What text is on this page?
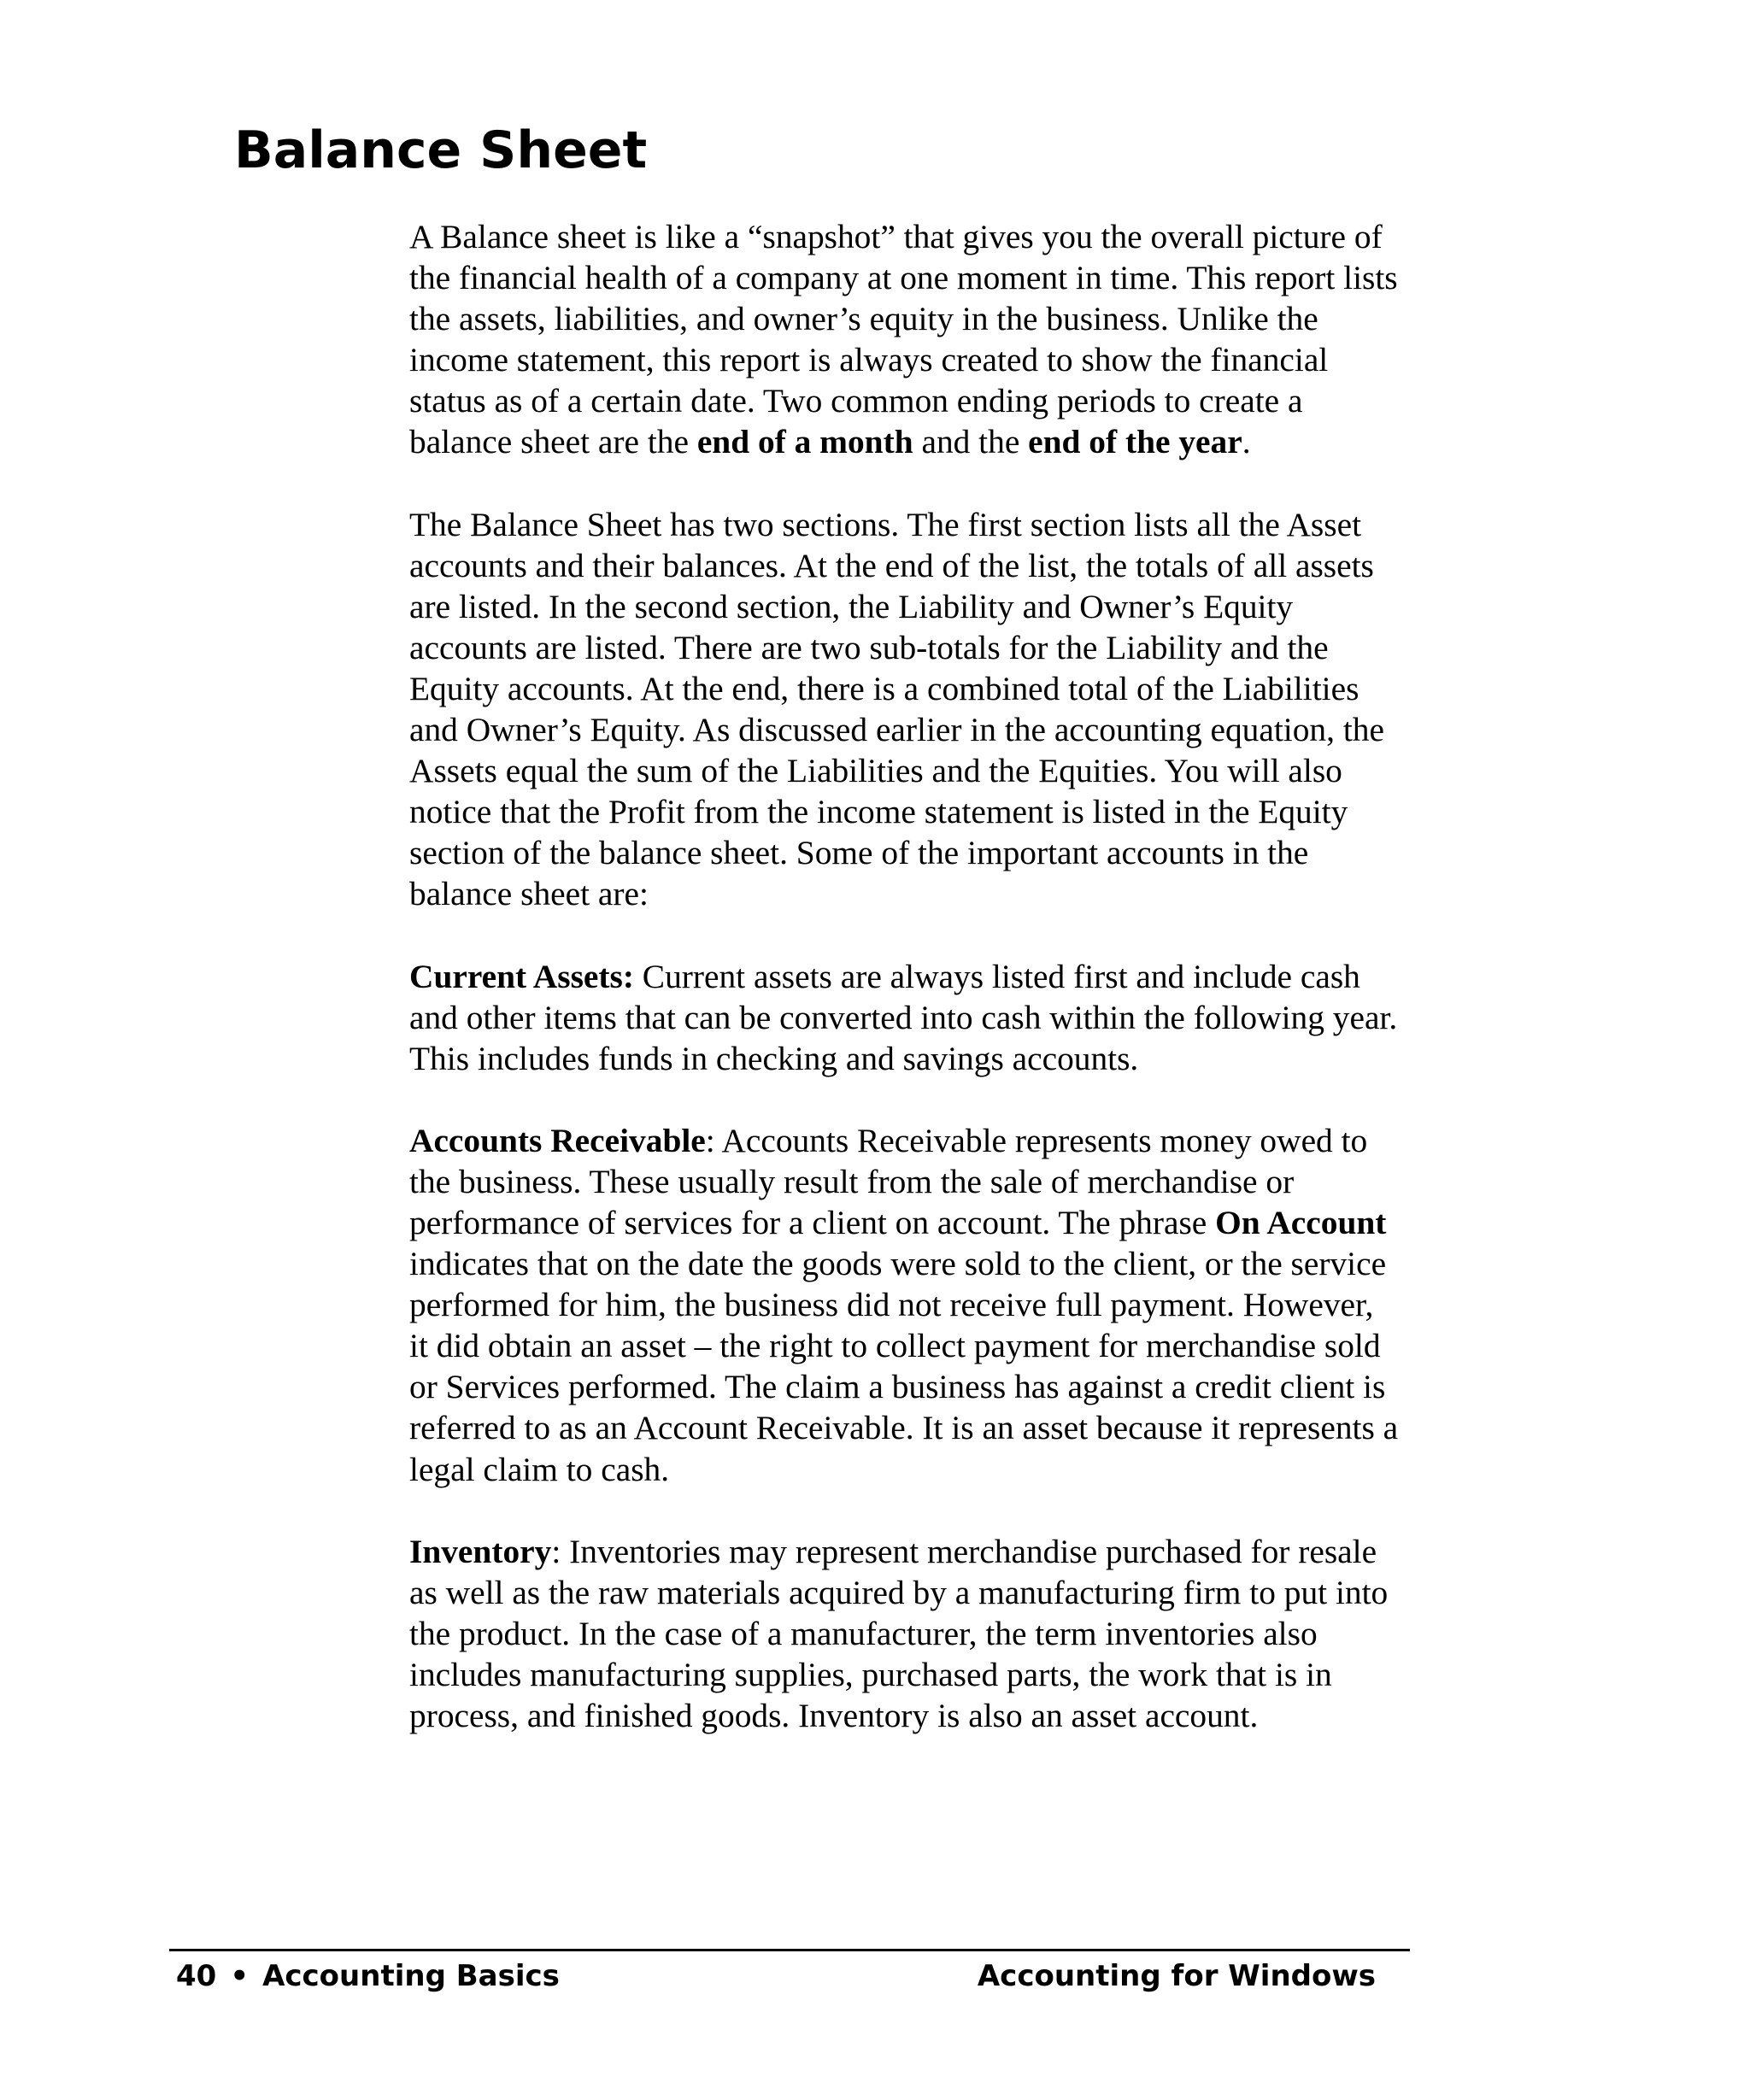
Balance Sheet

A Balance sheet is like a “snapshot” that gives you the overall picture of the financial health of a company at one moment in time. This report lists the assets, liabilities, and owner’s equity in the business. Unlike the income statement, this report is always created to show the financial status as of a certain date. Two common ending periods to create a balance sheet are the end of a month and the end of the year.

The Balance Sheet has two sections. The first section lists all the Asset accounts and their balances. At the end of the list, the totals of all assets are listed. In the second section, the Liability and Owner’s Equity accounts are listed. There are two sub-totals for the Liability and the Equity accounts. At the end, there is a combined total of the Liabilities and Owner’s Equity. As discussed earlier in the accounting equation, the Assets equal the sum of the Liabilities and the Equities. You will also notice that the Profit from the income statement is listed in the Equity section of the balance sheet. Some of the important accounts in the balance sheet are:

Current Assets: Current assets are always listed first and include cash and other items that can be converted into cash within the following year. This includes funds in checking and savings accounts.

Accounts Receivable: Accounts Receivable represents money owed to the business. These usually result from the sale of merchandise or performance of services for a client on account. The phrase On Account indicates that on the date the goods were sold to the client, or the service performed for him, the business did not receive full payment. However, it did obtain an asset – the right to collect payment for merchandise sold or Services performed. The claim a business has against a credit client is referred to as an Account Receivable. It is an asset because it represents a legal claim to cash.

Inventory: Inventories may represent merchandise purchased for resale as well as the raw materials acquired by a manufacturing firm to put into the product. In the case of a manufacturer, the term inventories also includes manufacturing supplies, purchased parts, the work that is in process, and finished goods. Inventory is also an asset account.

40 • Accounting Basics	Accounting for Windows
